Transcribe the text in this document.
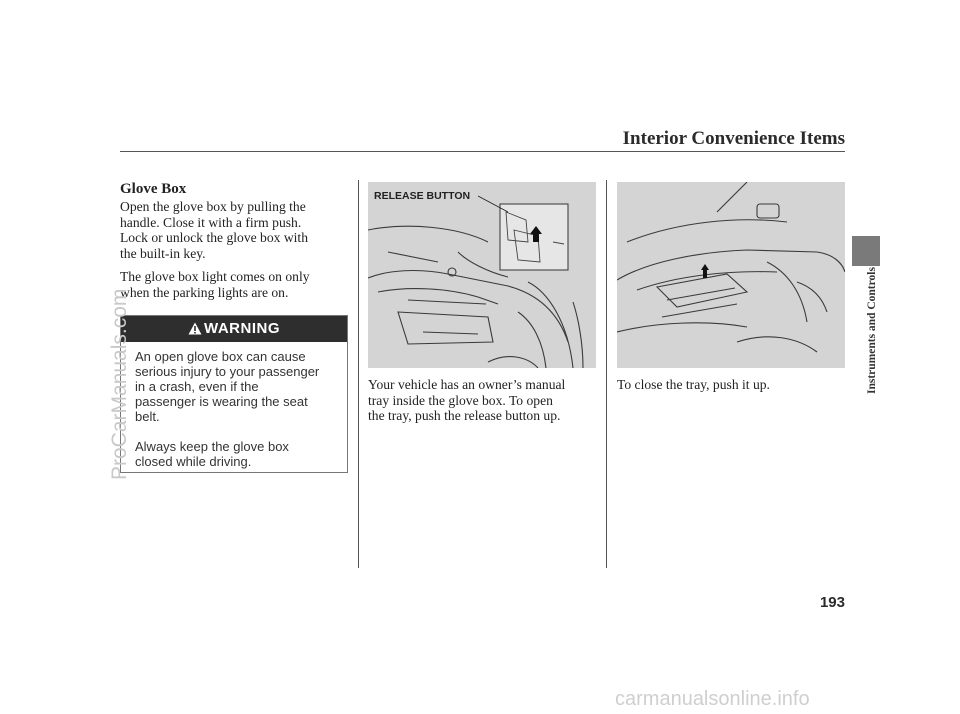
Interior Convenience Items
Glove Box
Open the glove box by pulling the
handle. Close it with a firm push.
Lock or unlock the glove box with
the built-in key.
The glove box light comes on only
when the parking lights are on.
WARNING
An open glove box can cause
serious injury to your passenger
in a crash, even if the
passenger is wearing the seat
belt.
Always keep the glove box
closed while driving.
RELEASE BUTTON
Your vehicle has an owner’s manual
tray inside the glove box. To open
the tray, push the release button up.
To close the tray, push it up.	Instruments and Controls
193
ProCarManuals.com
carmanualsonline.info
